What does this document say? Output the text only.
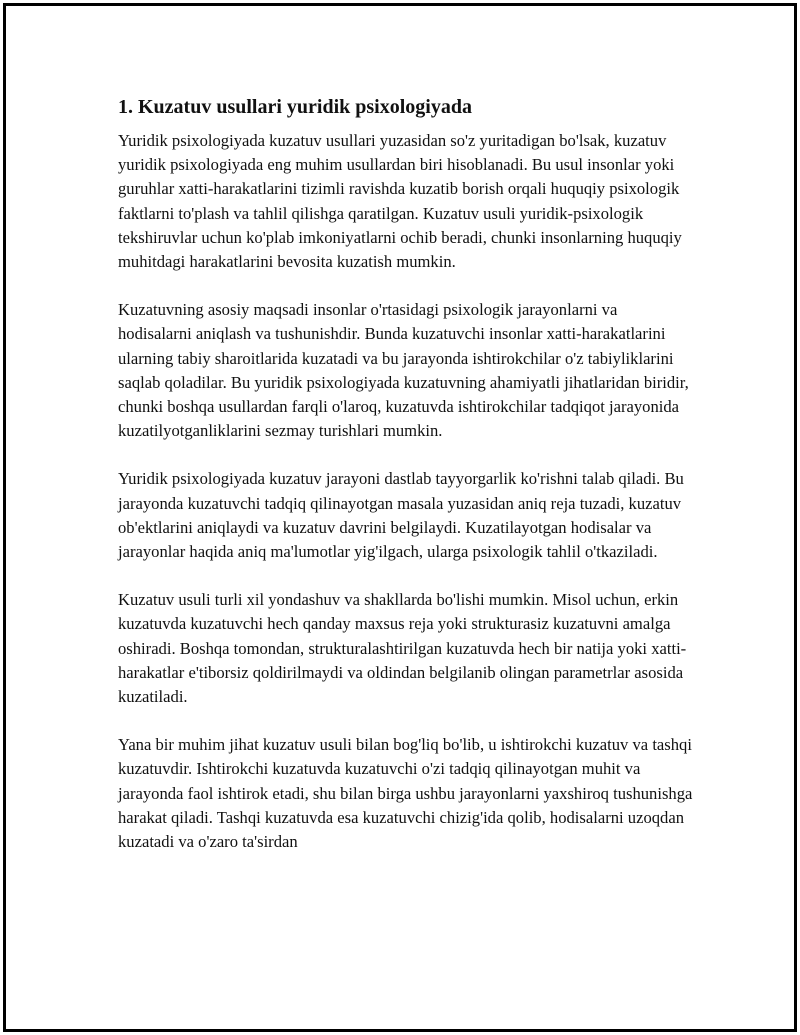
1. Kuzatuv usullari yuridik psixologiyada

Yuridik psixologiyada kuzatuv usullari yuzasidan so'z yuritadigan bo'lsak, kuzatuv yuridik psixologiyada eng muhim usullardan biri hisoblanadi. Bu usul insonlar yoki guruhlar xatti-harakatlarini tizimli ravishda kuzatib borish orqali huquqiy psixologik faktlarni to'plash va tahlil qilishga qaratilgan. Kuzatuv usuli yuridik-psixologik tekshiruvlar uchun ko'plab imkoniyatlarni ochib beradi, chunki insonlarning huquqiy muhitdagi harakatlarini bevosita kuzatish mumkin.

Kuzatuvning asosiy maqsadi insonlar o'rtasidagi psixologik jarayonlarni va hodisalarni aniqlash va tushunishdir. Bunda kuzatuvchi insonlar xatti-harakatlarini ularning tabiy sharoitlarida kuzatadi va bu jarayonda ishtirokchilar o'z tabiyliklarini saqlab qoladilar. Bu yuridik psixologiyada kuzatuvning ahamiyatli jihatlaridan biridir, chunki boshqa usullardan farqli o'laroq, kuzatuvda ishtirokchilar tadqiqot jarayonida kuzatilyotganliklarini sezmay turishlari mumkin.

Yuridik psixologiyada kuzatuv jarayoni dastlab tayyorgarlik ko'rishni talab qiladi. Bu jarayonda kuzatuvchi tadqiq qilinayotgan masala yuzasidan aniq reja tuzadi, kuzatuv ob'ektlarini aniqlaydi va kuzatuv davrini belgilaydi. Kuzatilayotgan hodisalar va jarayonlar haqida aniq ma'lumotlar yig'ilgach, ularga psixologik tahlil o'tkaziladi.

Kuzatuv usuli turli xil yondashuv va shakllarda bo'lishi mumkin. Misol uchun, erkin kuzatuvda kuzatuvchi hech qanday maxsus reja yoki strukturasiz kuzatuvni amalga oshiradi. Boshqa tomondan, strukturalashtirilgan kuzatuvda hech bir natija yoki xatti-harakatlar e'tiborsiz qoldirilmaydi va oldindan belgilanib olingan parametrlar asosida kuzatiladi.

Yana bir muhim jihat kuzatuv usuli bilan bog'liq bo'lib, u ishtirokchi kuzatuv va tashqi kuzatuvdir. Ishtirokchi kuzatuvda kuzatuvchi o'zi tadqiq qilinayotgan muhit va jarayonda faol ishtirok etadi, shu bilan birga ushbu jarayonlarni yaxshiroq tushunishga harakat qiladi. Tashqi kuzatuvda esa kuzatuvchi chizig'ida qolib, hodisalarni uzoqdan kuzatadi va o'zaro ta'sirdan
